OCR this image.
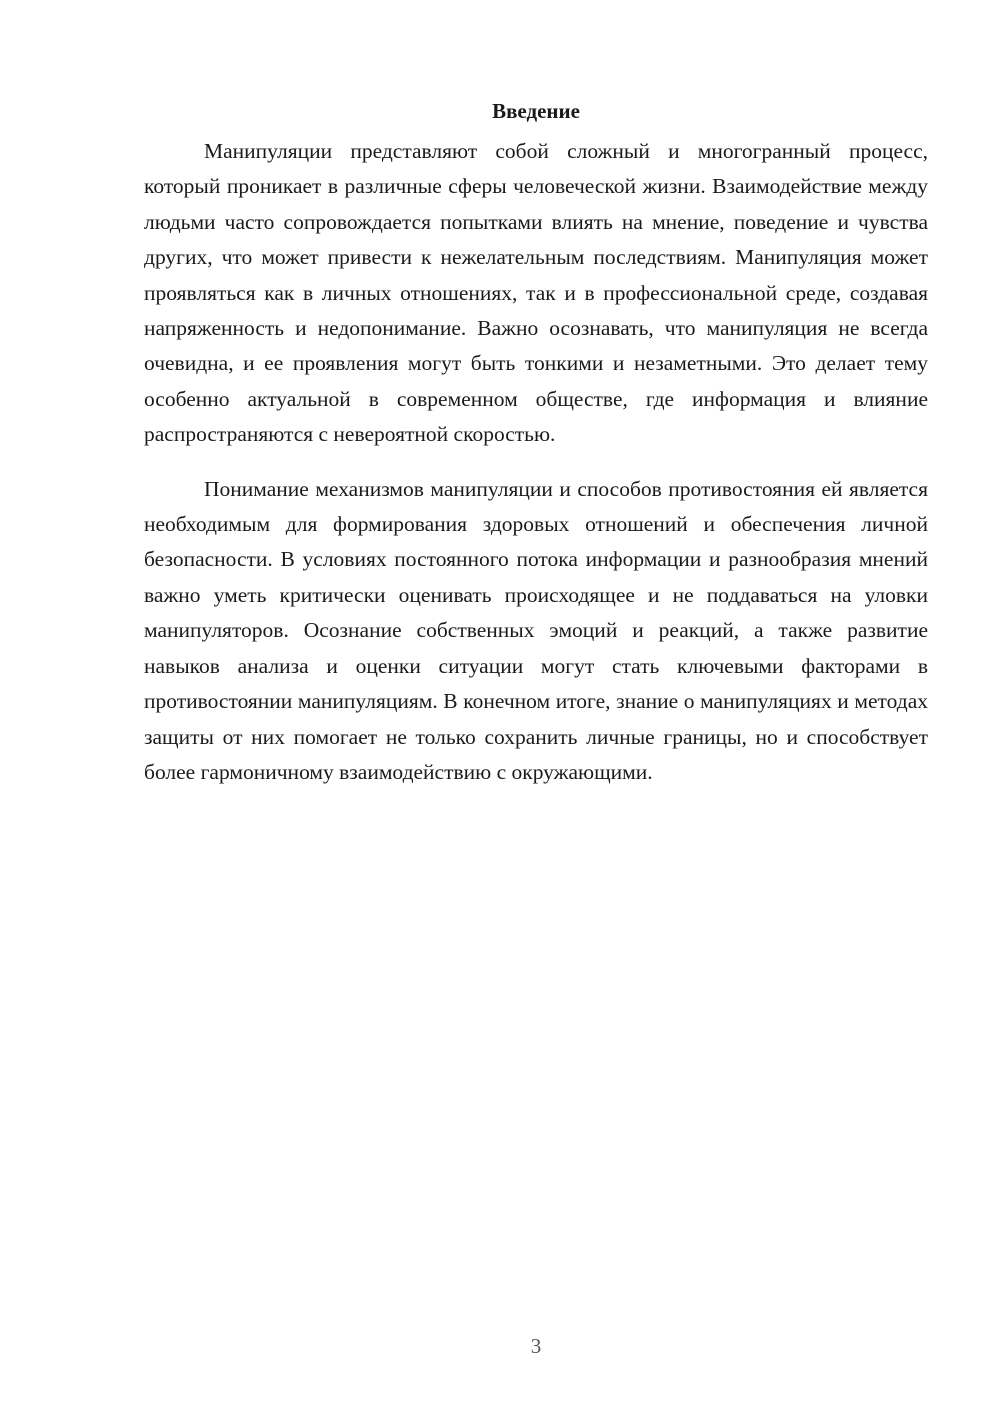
Введение

Манипуляции представляют собой сложный и многогранный процесс, который проникает в различные сферы человеческой жизни. Взаимодействие между людьми часто сопровождается попытками влиять на мнение, поведение и чувства других, что может привести к нежелательным последствиям. Манипуляция может проявляться как в личных отношениях, так и в профессиональной среде, создавая напряженность и недопонимание. Важно осознавать, что манипуляция не всегда очевидна, и ее проявления могут быть тонкими и незаметными. Это делает тему особенно актуальной в современном обществе, где информация и влияние распространяются с невероятной скоростью.

Понимание механизмов манипуляции и способов противостояния ей является необходимым для формирования здоровых отношений и обеспечения личной безопасности. В условиях постоянного потока информации и разнообразия мнений важно уметь критически оценивать происходящее и не поддаваться на уловки манипуляторов. Осознание собственных эмоций и реакций, а также развитие навыков анализа и оценки ситуации могут стать ключевыми факторами в противостоянии манипуляциям. В конечном итоге, знание о манипуляциях и методах защиты от них помогает не только сохранить личные границы, но и способствует более гармоничному взаимодействию с окружающими.

3
